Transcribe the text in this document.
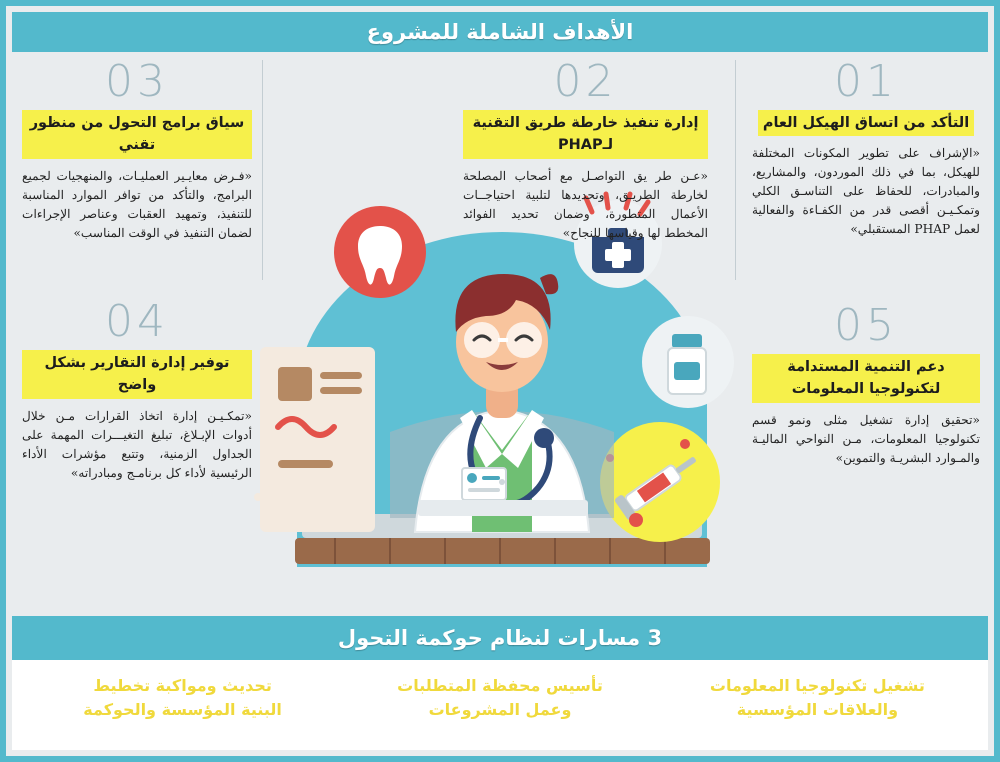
الأهداف الشاملة للمشروع
01
التأكد من اتساق الهيكل العام

«الإشراف على تطوير المكونات المختلفة للهيكل، بما في ذلك الموردون، والمشاريع، والمبادرات، للحفاظ على التناسـق الكلي وتمكـيـن أقصى قدر من الكفـاءة والفعالية لعمل PHAP المستقبلي»

02
إدارة تنفيذ خارطة طريق التقنية لـPHAP

«عـن طر يق التواصـل مع أصحاب المصلحة لخارطة الطريـق، وتحديدها لتلبية احتياجــات الأعمال المتطورة، وضمان تحديد الفوائد المخطط لها وقياسها للنجاح»

03
سياق برامج التحول من منظور تقني

«فـرض معايـير العمليـات، والمنهجيات لجميع البرامج، والتأكد من توافر الموارد المناسبة للتنفيذ، وتمهيد العقبات وعناصر الإجراءات لضمان التنفيذ في الوقت المناسب»

04
توفير إدارة التقارير بشكل واضح

«تمكـيـن إدارة اتخاذ القرارات مـن خلال أدوات الإبـلاغ، تبليغ التغيـــرات المهمة على الجداول الزمنية، وتتبع مؤشرات الأداء الرئيسية لأداء كل برنامـج ومبادراته»

05
دعم التنمية المستدامة لتكنولوجيا المعلومات

«تحقيق إدارة تشغيل مثلى ونمو قسم تكنولوجيا المعلومات، مـن النواحي الماليـة والمـوارد البشريـة والتموين»

3 مسارات لنظام حوكمة التحول
تشغيل تكنولوجيا المعلومات
والعلاقات المؤسسية
تأسيس محفظة المتطلبات
وعمل المشروعات
تحديث ومواكبة تخطيط
البنية المؤسسة والحوكمة
